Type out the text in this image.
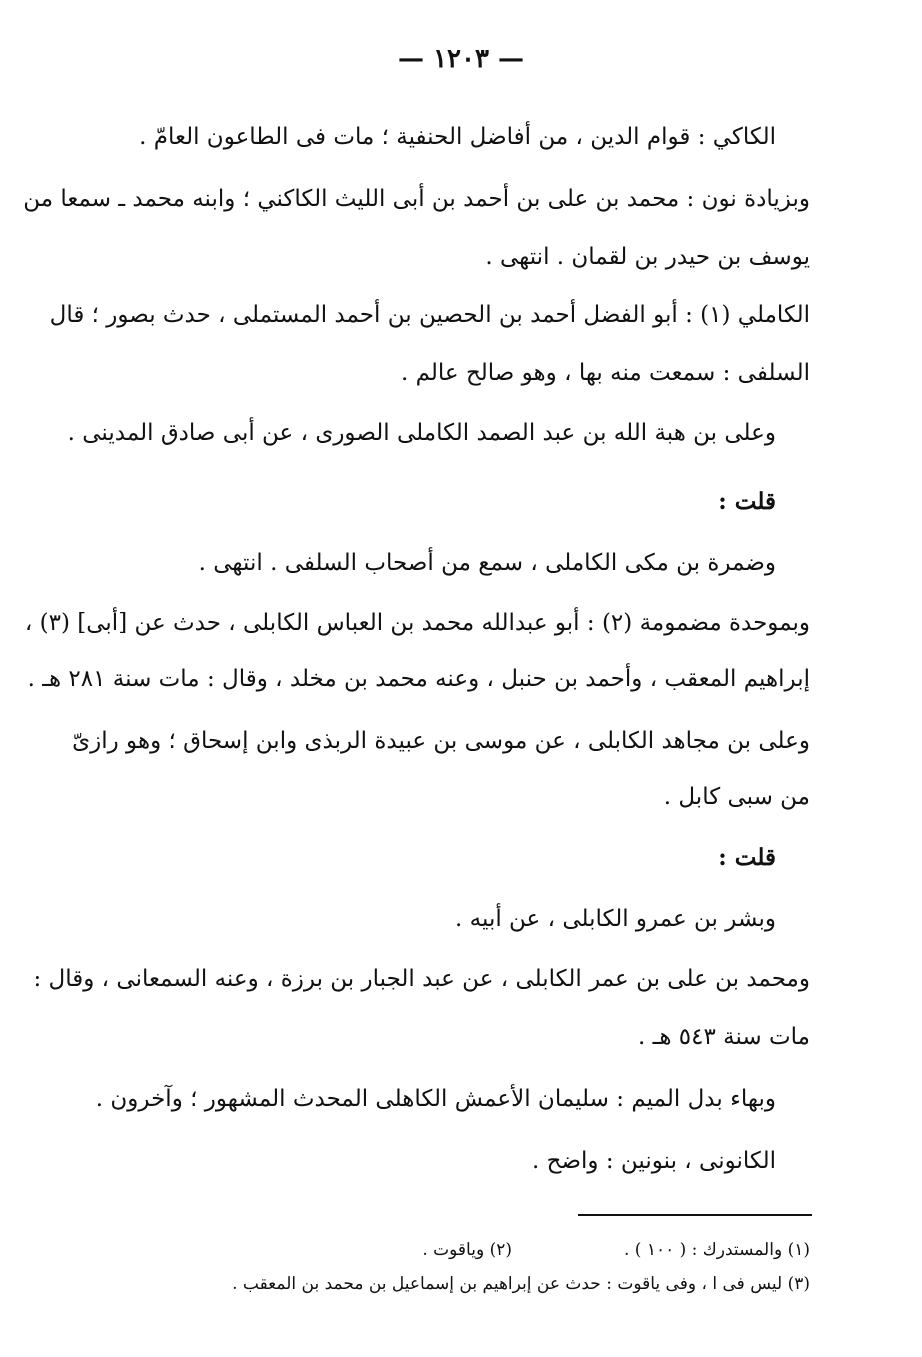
— ١٢٠٣ —
الكاكي : قوام الدين ، من أفاضل الحنفية ؛ مات فى الطاعون العامّ .
وبزيادة نون : محمد بن على بن أحمد بن أبى الليث الكاكني ؛ وابنه محمد ـ سمعا من
يوسف بن حيدر بن لقمان . انتهى .
الكاملي (١) : أبو الفضل أحمد بن الحصين بن أحمد المستملى ، حدث بصور ؛ قال
السلفى : سمعت منه بها ، وهو صالح عالم .
وعلى بن هبة الله بن عبد الصمد الكاملى الصورى ، عن أبى صادق المدينى .
قلت :
وضمرة بن مكى الكاملى ، سمع من أصحاب السلفى . انتهى .
وبموحدة مضمومة (٢) : أبو عبدالله محمد بن العباس الكابلى ، حدث عن [أبى] (٣) ،
إبراهيم المعقب ، وأحمد بن حنبل ، وعنه محمد بن مخلد ، وقال : مات سنة ٢٨١ هـ .
وعلى بن مجاهد الكابلى ، عن موسى بن عبيدة الربذى وابن إسحاق ؛ وهو رازىّ
من سبى كابل .
قلت :
وبشر بن عمرو الكابلى ، عن أبيه .
ومحمد بن على بن عمر الكابلى ، عن عبد الجبار بن برزة ، وعنه السمعانى ، وقال :
مات سنة ٥٤٣ هـ .
وبهاء بدل الميم : سليمان الأعمش الكاهلى المحدث المشهور ؛ وآخرون .
الكانونى ، بنونين : واضح .
(١) والمستدرك : ( ١٠٠ ) .
(٢) وياقوت .
(٣) ليس فى ا ، وفى ياقوت : حدث عن إبراهيم بن إسماعيل بن محمد بن المعقب .
